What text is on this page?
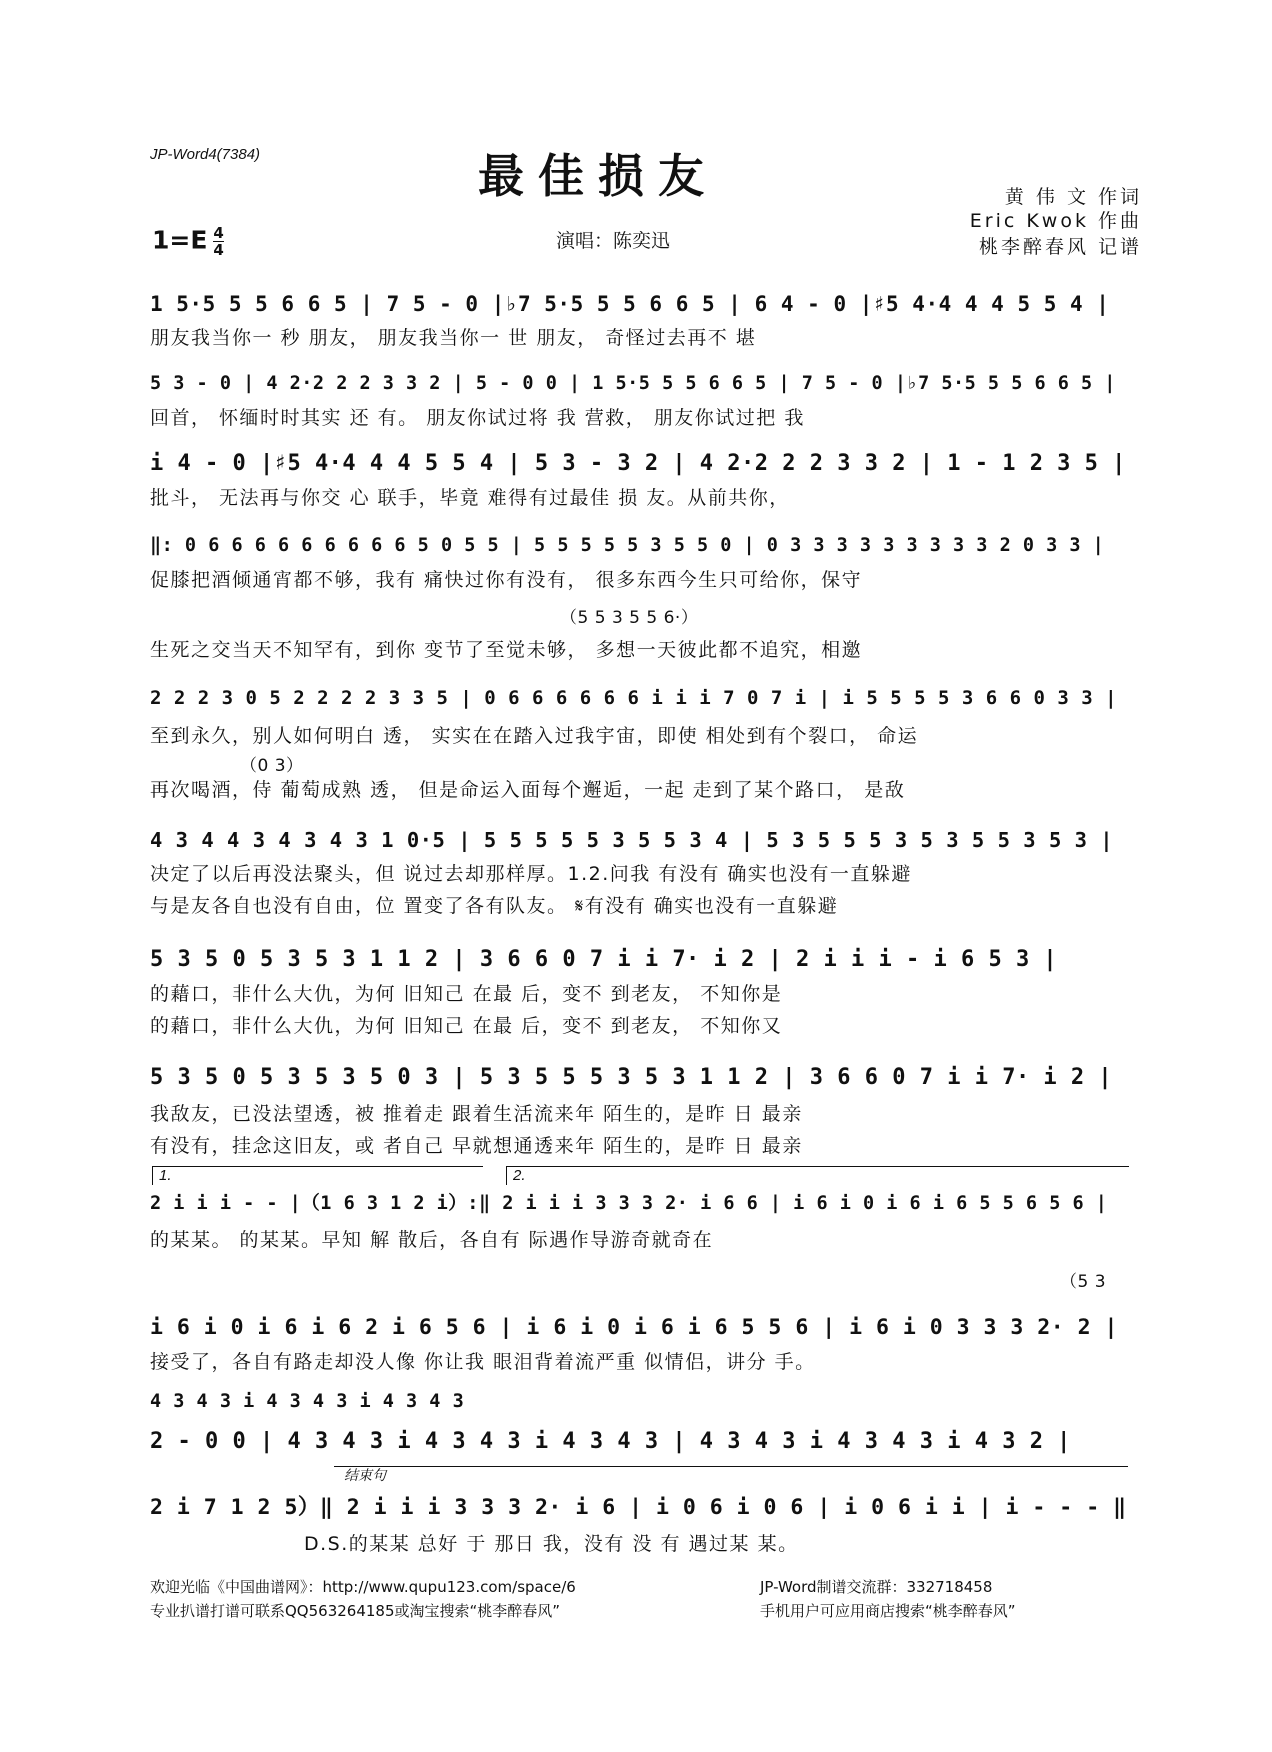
JP-Word4(7384)	最佳损友
$1=E \frac{4}{4}$	演唱：陈奕迅
黄 伟 文 作词
Eric Kwok 作曲
桃李醉春风 记谱
1 5·5 5 5 6 6 5 | 7 5 - 0 |♭7 5·5 5 5 6 6 5 | 6 4 - 0 |♯5 4·4 4 4 5 5 4 |
朋友我当你一 秒 朋友， 朋友我当你一 世 朋友， 奇怪过去再不 堪
5 3 - 0 | 4 2·2 2 2 3 3 2 | 5 - 0 0 | 1 5·5 5 5 6 6 5 | 7 5 - 0 |♭7 5·5 5 5 6 6 5 |
回首， 怀缅时时其实 还 有。 朋友你试过将 我 营救， 朋友你试过把 我
i 4 - 0 |♯5 4·4 4 4 5 5 4 | 5 3 - 3 2 | 4 2·2 2 2 3 3 2 | 1 - 1 2 3 5 |
批斗， 无法再与你交 心 联手，毕竟 难得有过最佳 损 友。从前共你，
‖: 0 6 6 6 6 6 6 6 6 6 5 0 5 5 | 5 5 5 5 5 3 5 5 0 | 0 3 3 3 3 3 3 3 3 3 2 0 3 3 |
促膝把酒倾通宵都不够，我有 痛快过你有没有， 很多东西今生只可给你，保守
（5 5 3 5 5 6·）
生死之交当天不知罕有，到你 变节了至觉未够， 多想一天彼此都不追究，相邀
2 2 2 3 0 5 2 2 2 2 3 3 5 | 0 6 6 6 6 6 6 i i i 7 0 7 i | i 5 5 5 5 3 6 6 0 3 3 |
至到永久，别人如何明白 透， 实实在在踏入过我宇宙，即使 相处到有个裂口， 命运
（0 3）
再次喝酒，侍 葡萄成熟 透， 但是命运入面每个邂逅，一起 走到了某个路口， 是敌
4 3 4 4 3 4 3 4 3 1 0·5 | 5 5 5 5 5 3 5 5 3 4 | 5 3 5 5 5 3 5 3 5 5 3 5 3 |
决定了以后再没法聚头，但 说过去却那样厚。1.2.问我 有没有 确实也没有一直躲避
与是友各自也没有自由，位 置变了各有队友。 𝄋有没有 确实也没有一直躲避
5 3 5 0 5 3 5 3 1 1 2 | 3 6 6 0 7 i i 7· i 2 | 2 i i i - i 6 5 3 |
的藉口，非什么大仇，为何 旧知己 在最 后，变不 到老友， 不知你是
的藉口，非什么大仇，为何 旧知己 在最 后，变不 到老友， 不知你又
5 3 5 0 5 3 5 3 5 0 3 | 5 3 5 5 5 3 5 3 1 1 2 | 3 6 6 0 7 i i 7· i 2 |
我敌友，已没法望透，被 推着走 跟着生活流来年 陌生的，是昨 日 最亲
有没有，挂念这旧友，或 者自己 早就想通透来年 陌生的，是昨 日 最亲
1.	2.
2 i i i - - |（1 6 3 1 2 i）:‖ 2 i i i 3 3 3 2· i 6 6 | i 6 i 0 i 6 i 6 5 5 6 5 6 |
的某某。 的某某。早知 解 散后，各自有 际遇作导游奇就奇在
（5 3
i 6 i 0 i 6 i 6 2 i 6 5 6 | i 6 i 0 i 6 i 6 5 5 6 | i 6 i 0 3 3 3 2· 2 |
接受了，各自有路走却没人像 你让我 眼泪背着流严重 似情侣，讲分 手。
4 3 4 3 i 4 3 4 3 i 4 3 4 3
2 - 0 0 | 4 3 4 3 i 4 3 4 3 i 4 3 4 3 | 4 3 4 3 i 4 3 4 3 i 4 3 2 |
结束句
2 i 7 1 2 5）‖ 2 i i i 3 3 3 2· i 6 | i 0 6 i 0 6 | i 0 6 i i | i - - - ‖
D.S.的某某 总好 于 那日 我，没有 没 有 遇过某 某。
欢迎光临《中国曲谱网》：http://www.qupu123.com/space/6
专业扒谱打谱可联系QQ563264185或淘宝搜索“桃李醉春风”
JP-Word制谱交流群：332718458
手机用户可应用商店搜索“桃李醉春风”
